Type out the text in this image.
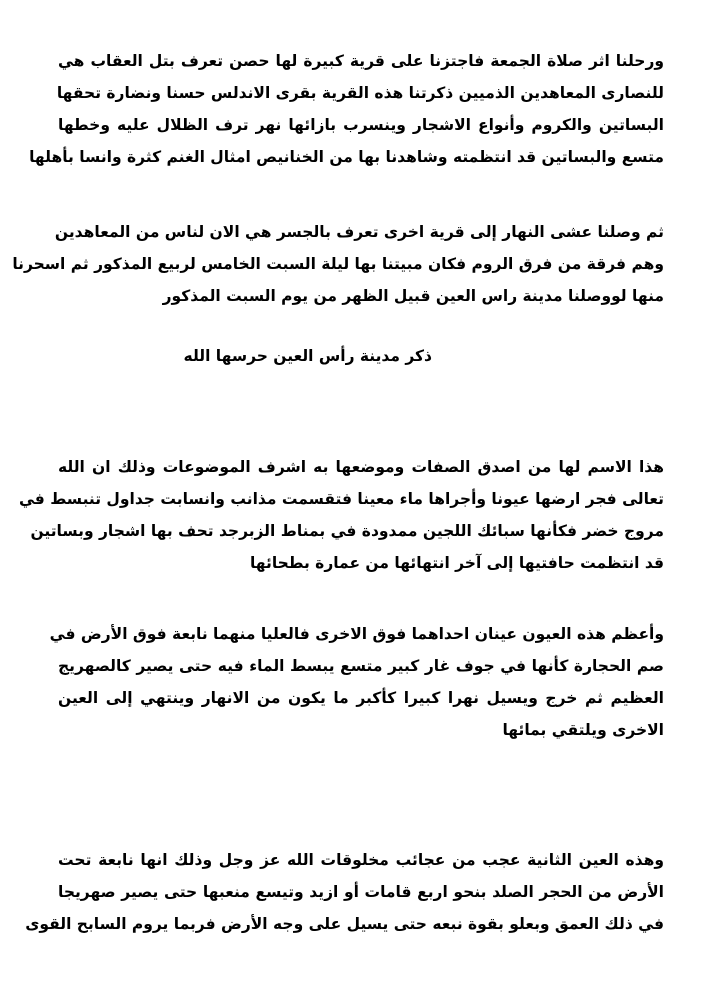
ورحلنا اثر صلاة الجمعة فاجتزنا على قرية كبيرة لها حصن تعرف بتل العقاب هي
للنصارى المعاهدين الذميين ذكرتنا هذه القرية بقرى الاندلس حسنا ونضارة تحقها
البساتين والكروم وأنواع الاشجار وينسرب بازائها نهر ترف الظلال عليه وخطها
متسع والبساتين قد انتظمته وشاهدنا بها من الخنانيص امثال الغنم كثرة وانسا بأهلها

ثم وصلنا عشى النهار إلى قرية اخرى تعرف بالجسر هي الان لناس من المعاهدين
وهم فرقة من فرق الروم فكان مبيتنا بها ليلة السبت الخامس لربيع المذكور ثم اسحرنا
منها لووصلنا مدينة راس العين قبيل الظهر من يوم السبت المذكور

ذكر مدينة رأس العين حرسها الله

هذا الاسم لها من اصدق الصفات وموضعها به اشرف الموضوعات وذلك ان الله
تعالى فجر ارضها عيونا وأجراها ماء معينا فتقسمت مذانب وانسابت جداول تنبسط في
مروج خضر فكأنها سبائك اللجين ممدودة في بمناط الزبرجد تحف بها اشجار وبساتين
قد انتظمت حافتيها إلى آخر انتهائها من عمارة بطحائها

وأعظم هذه العيون عينان احداهما فوق الاخرى فالعليا منهما نابعة فوق الأرض في
صم الحجارة كأنها في جوف غار كبير متسع يبسط الماء فيه حتى يصير كالصهريج
العظيم ثم خرج ويسيل نهرا كبيرا كأكبر ما يكون من الانهار وينتهي إلى العين
الاخرى ويلتقي بمائها

وهذه العين الثانية عجب من عجائب مخلوقات الله عز وجل وذلك انها نابعة تحت
الأرض من الحجر الصلد بنحو اربع قامات أو ازيد وتيسع منعبها حتى يصير صهريجا
في ذلك العمق وبعلو بقوة نبعه حتى يسيل على وجه الأرض فربما يروم السابح القوى
